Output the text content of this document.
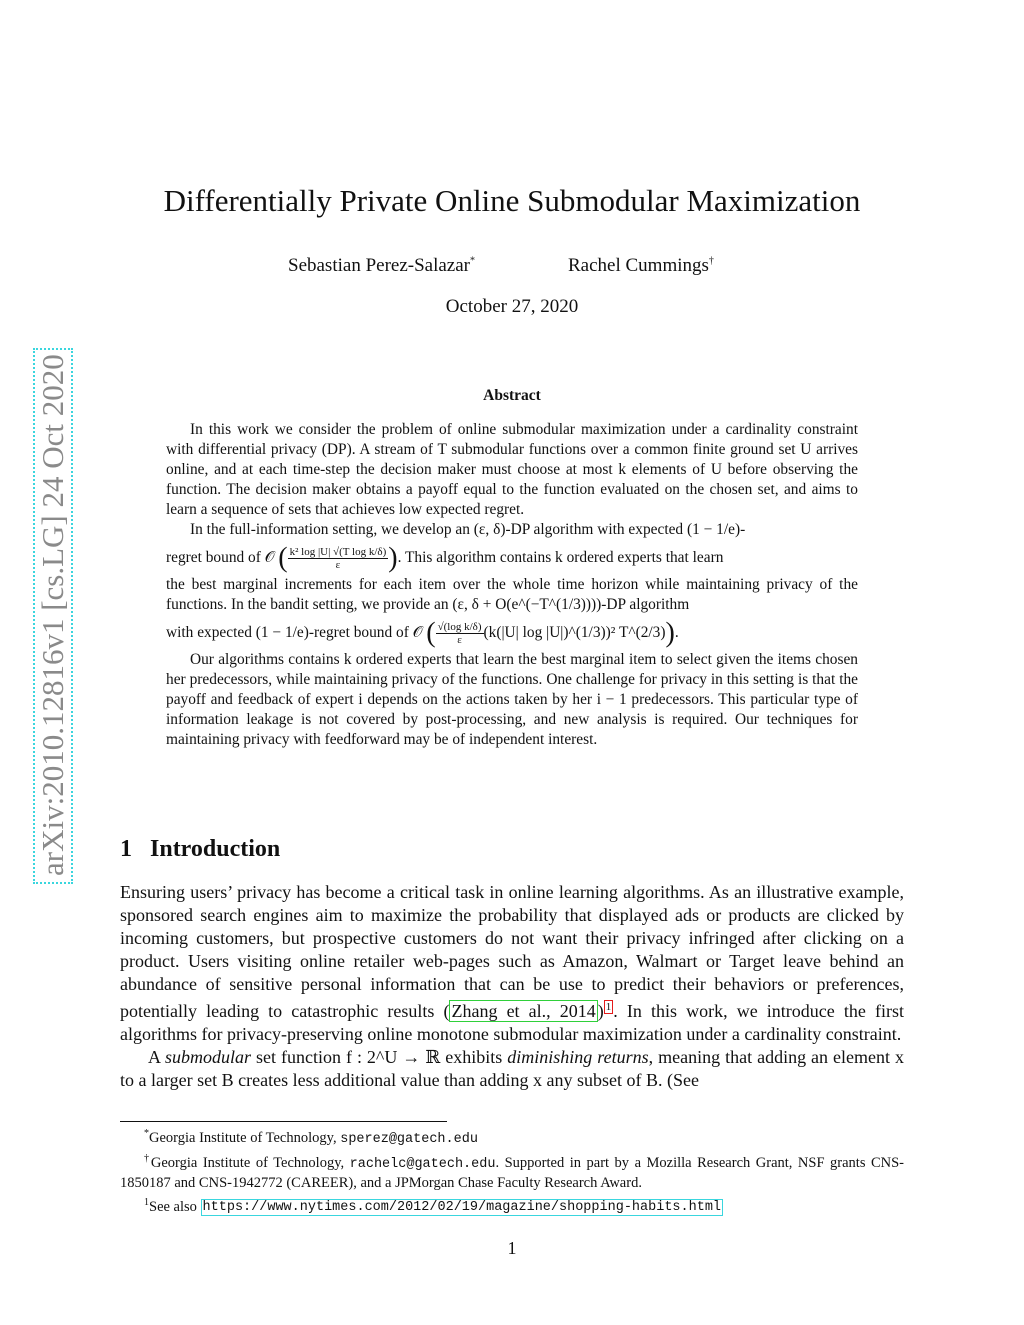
arXiv:2010.12816v1 [cs.LG] 24 Oct 2020
Differentially Private Online Submodular Maximization
Sebastian Perez-Salazar*	Rachel Cummings†
October 27, 2020
Abstract

In this work we consider the problem of online submodular maximization under a cardinality constraint with differential privacy (DP). A stream of T submodular functions over a common finite ground set U arrives online, and at each time-step the decision maker must choose at most k elements of U before observing the function. The decision maker obtains a payoff equal to the function evaluated on the chosen set, and aims to learn a sequence of sets that achieves low expected regret.

In the full-information setting, we develop an (ε, δ)-DP algorithm with expected (1 − 1/e)-

regret bound of 𝒪 ( $\frac{\text{k² log |U| √(T log k/δ)}}{\varepsilon}$ ). This algorithm contains k ordered experts that learn

the best marginal increments for each item over the whole time horizon while maintaining privacy of the functions. In the bandit setting, we provide an (ε, δ + O(e^(−T^(1/3))))-DP algorithm

with expected (1 − 1/e)-regret bound of 𝒪 ( $\frac{\text{√(log k/δ)}}{\varepsilon} (k(|U|$ log |U|)^(1/3))² T^(2/3)).

Our algorithms contains k ordered experts that learn the best marginal item to select given the items chosen her predecessors, while maintaining privacy of the functions. One challenge for privacy in this setting is that the payoff and feedback of expert i depends on the actions taken by her i − 1 predecessors. This particular type of information leakage is not covered by post-processing, and new analysis is required. Our techniques for maintaining privacy with feedforward may be of independent interest.

1 Introduction

Ensuring users’ privacy has become a critical task in online learning algorithms. As an illustrative example, sponsored search engines aim to maximize the probability that displayed ads or products are clicked by incoming customers, but prospective customers do not want their privacy infringed after clicking on a product. Users visiting online retailer web-pages such as Amazon, Walmart or Target leave behind an abundance of sensitive personal information that can be use to predict their behaviors or preferences, potentially leading to catastrophic results ( Zhang et al., 2014 ) $^1$ . In this work, we introduce the first algorithms for privacy-preserving online monotone submodular maximization under a cardinality constraint.

A submodular set function f : 2^U → ℝ exhibits diminishing returns, meaning that adding an element x to a larger set B creates less additional value than adding x any subset of B. (See

*Georgia Institute of Technology, sperez@gatech.edu

†Georgia Institute of Technology, rachelc@gatech.edu. Supported in part by a Mozilla Research Grant, NSF grants CNS-1850187 and CNS-1942772 (CAREER), and a JPMorgan Chase Faculty Research Award.

$^1$See also https://www.nytimes.com/2012/02/19/magazine/shopping-habits.html

1
